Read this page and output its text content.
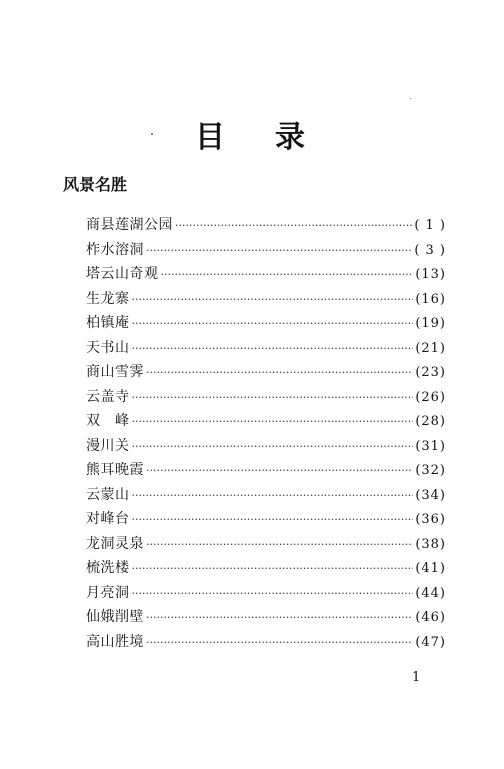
目 录
风景名胜
商县莲湖公园 ·····	( 1 )
柞水溶洞 ·····	( 3 )
塔云山奇观 ·····	(13)
生龙寨 ·····	(16)
柏镇庵 ·····	(19)
天书山 ·····	(21)
商山雪霁 ·····	(23)
云盖寺 ·····	(26)
双　峰 ·····	(28)
漫川关 ·····	(31)
熊耳晚霞 ·····	(32)
云蒙山 ·····	(34)
对峰台 ·····	(36)
龙洞灵泉 ·····	(38)
梳洗楼 ·····	(41)
月亮洞 ·····	(44)
仙娥削壁 ·····	(46)
高山胜境 ·····	(47)
1
